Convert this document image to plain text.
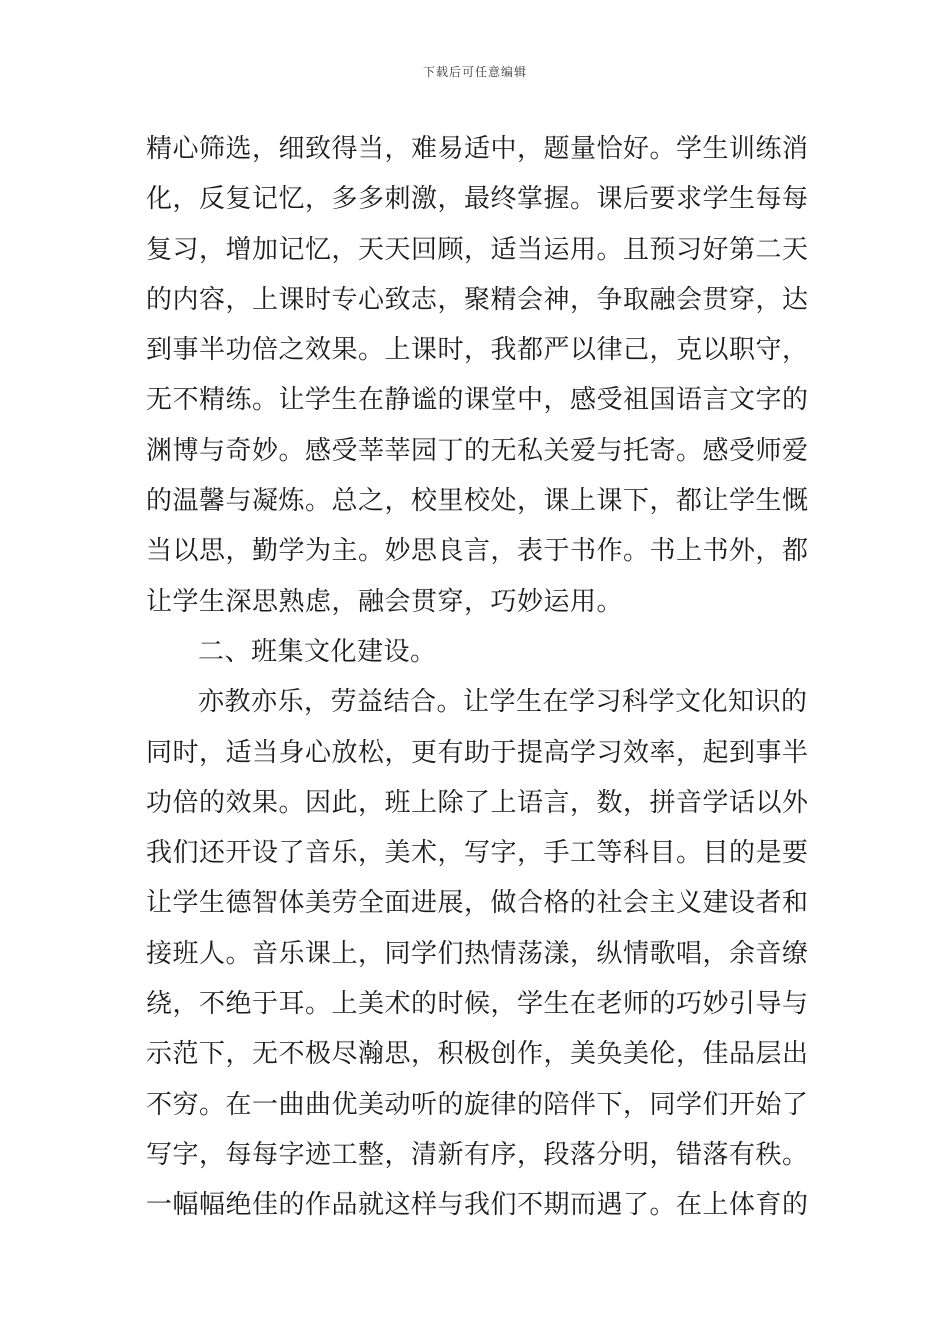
下载后可任意编辑
精心筛选，细致得当，难易适中，题量恰好。学生训练消
化，反复记忆，多多刺激，最终掌握。课后要求学生每每
复习，增加记忆，天天回顾，适当运用。且预习好第二天
的内容，上课时专心致志，聚精会神，争取融会贯穿，达
到事半功倍之效果。上课时，我都严以律己，克以职守，
无不精练。让学生在静谧的课堂中，感受祖国语言文字的
渊博与奇妙。感受莘莘园丁的无私关爱与托寄。感受师爱
的温馨与凝炼。总之，校里校处，课上课下，都让学生慨
当以思，勤学为主。妙思良言，表于书作。书上书外，都
让学生深思熟虑，融会贯穿，巧妙运用。
二、班集文化建设。
亦教亦乐，劳益结合。让学生在学习科学文化知识的
同时，适当身心放松，更有助于提高学习效率，起到事半
功倍的效果。因此，班上除了上语言，数，拼音学话以外
我们还开设了音乐，美术，写字，手工等科目。目的是要
让学生德智体美劳全面进展，做合格的社会主义建设者和
接班人。音乐课上，同学们热情荡漾，纵情歌唱，余音缭
绕，不绝于耳。上美术的时候，学生在老师的巧妙引导与
示范下，无不极尽瀚思，积极创作，美奂美伦，佳品层出
不穷。在一曲曲优美动听的旋律的陪伴下，同学们开始了
写字，每每字迹工整，清新有序，段落分明，错落有秩。
一幅幅绝佳的作品就这样与我们不期而遇了。在上体育的
